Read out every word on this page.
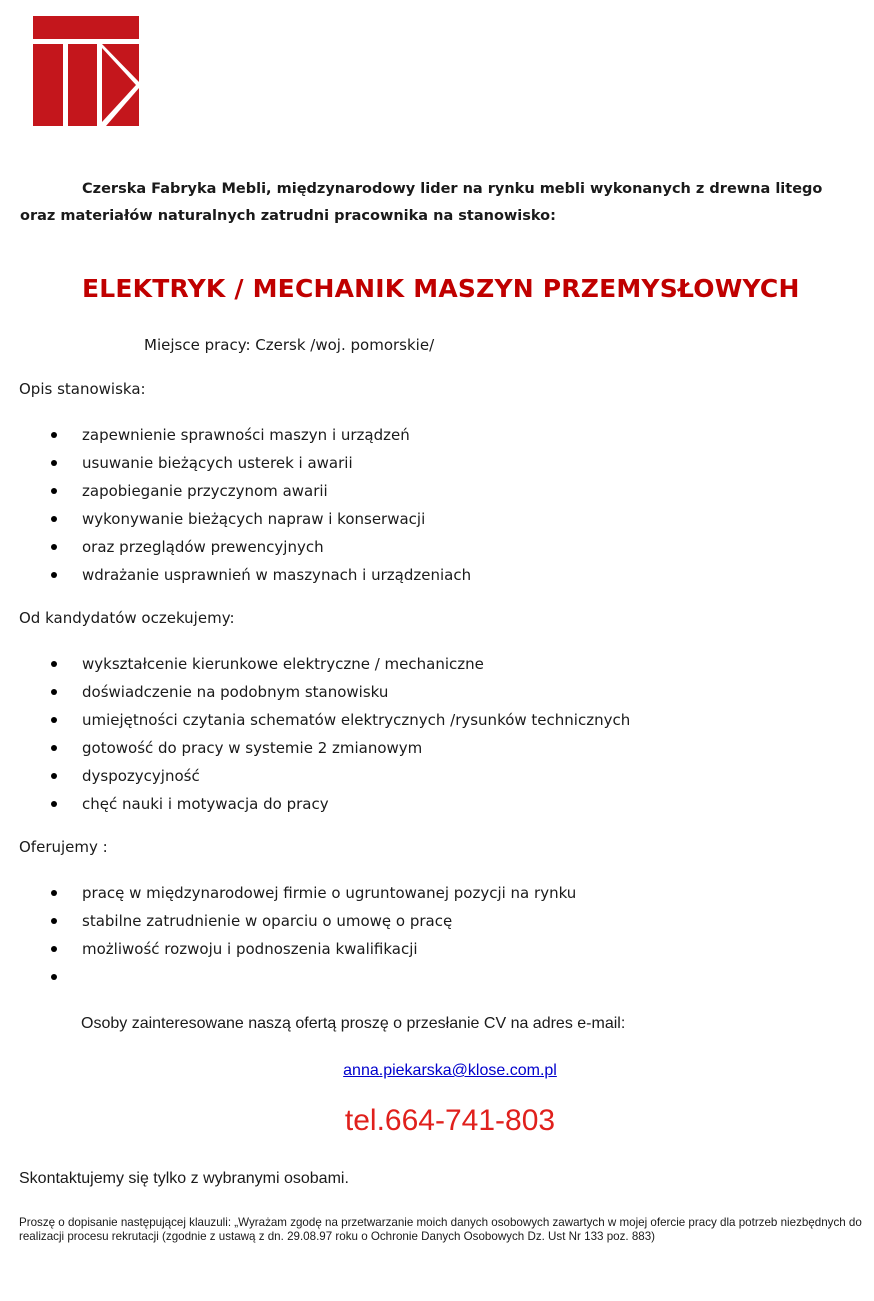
Czerska Fabryka Mebli, międzynarodowy lider na rynku mebli wykonanych z drewna litego oraz materiałów naturalnych zatrudni pracownika na stanowisko:
ELEKTRYK / MECHANIK MASZYN PRZEMYSŁOWYCH
Miejsce pracy: Czersk /woj. pomorskie/
Opis stanowiska:
zapewnienie sprawności maszyn i urządzeń
usuwanie bieżących usterek i awarii
zapobieganie przyczynom awarii
wykonywanie bieżących napraw i konserwacji
oraz przeglądów prewencyjnych
wdrażanie usprawnień w maszynach i urządzeniach
Od kandydatów oczekujemy:
wykształcenie kierunkowe elektryczne / mechaniczne
doświadczenie na podobnym stanowisku
umiejętności czytania schematów elektrycznych /rysunków technicznych
gotowość do pracy w systemie 2 zmianowym
dyspozycyjność
chęć nauki i motywacja do pracy
Oferujemy :
pracę w międzynarodowej firmie o ugruntowanej pozycji na rynku
stabilne zatrudnienie w oparciu o umowę o pracę
możliwość rozwoju i podnoszenia kwalifikacji
Osoby zainteresowane naszą ofertą proszę o przesłanie CV na adres e-mail:
anna.piekarska@klose.com.pl
tel.664-741-803
Skontaktujemy się tylko z wybranymi osobami.
Proszę o dopisanie następującej klauzuli: „Wyrażam zgodę na przetwarzanie moich danych osobowych zawartych w mojej ofercie pracy dla potrzeb niezbędnych do realizacji procesu rekrutacji (zgodnie z ustawą z dn. 29.08.97 roku o Ochronie Danych Osobowych Dz. Ust Nr 133 poz. 883)
